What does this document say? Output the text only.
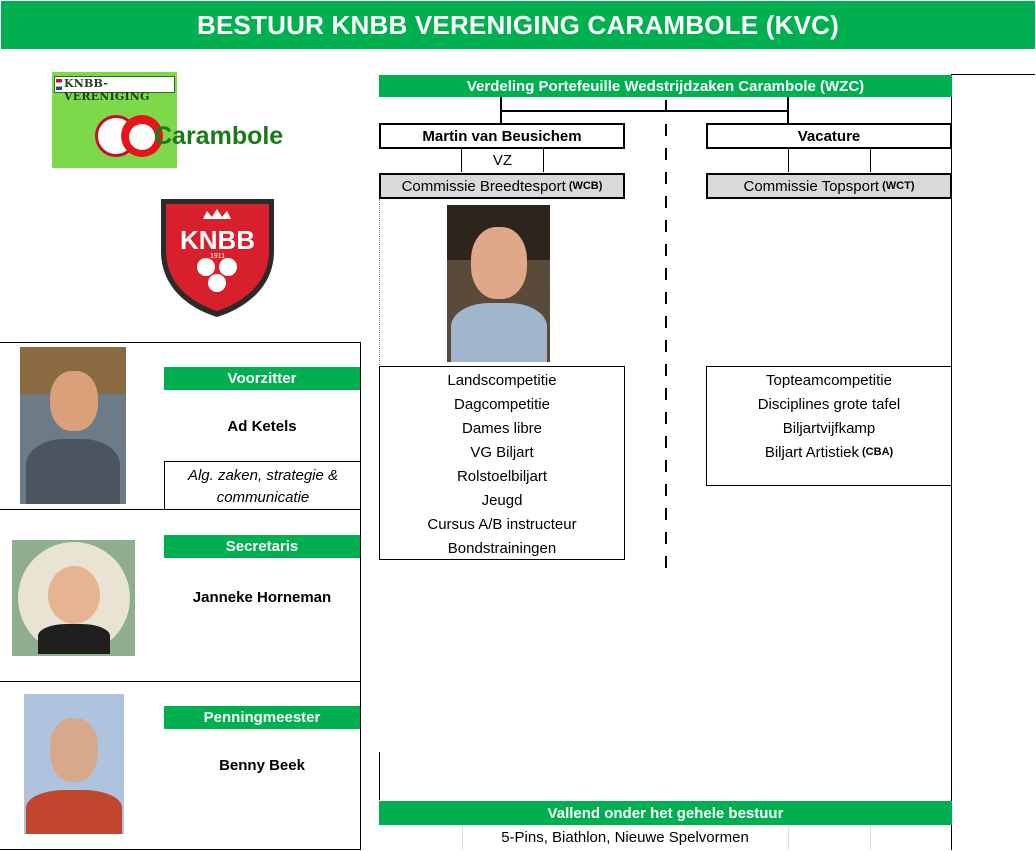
BESTUUR KNBB VERENIGING CARAMBOLE (KVC)
KNBB-VERENIGING
Carambole
KNBB
1911
Voorzitter
Ad Ketels
Alg. zaken, strategie & communicatie
Secretaris
Janneke Horneman
Penningmeester
Benny Beek
Verdeling Portefeuille Wedstrijdzaken Carambole (WZC)
Martin van Beusichem
VZ
Commissie Breedtesport (WCB)
Landscompetitie
Dagcompetitie
Dames libre
VG Biljart
Rolstoelbiljart
Jeugd
Cursus A/B instructeur
Bondstrainingen
Vacature
Commissie Topsport (WCT)
Topteamcompetitie
Disciplines grote tafel
Biljartvijfkamp
Biljart Artistiek (CBA)
Vallend onder het gehele bestuur
5-Pins, Biathlon, Nieuwe Spelvormen
